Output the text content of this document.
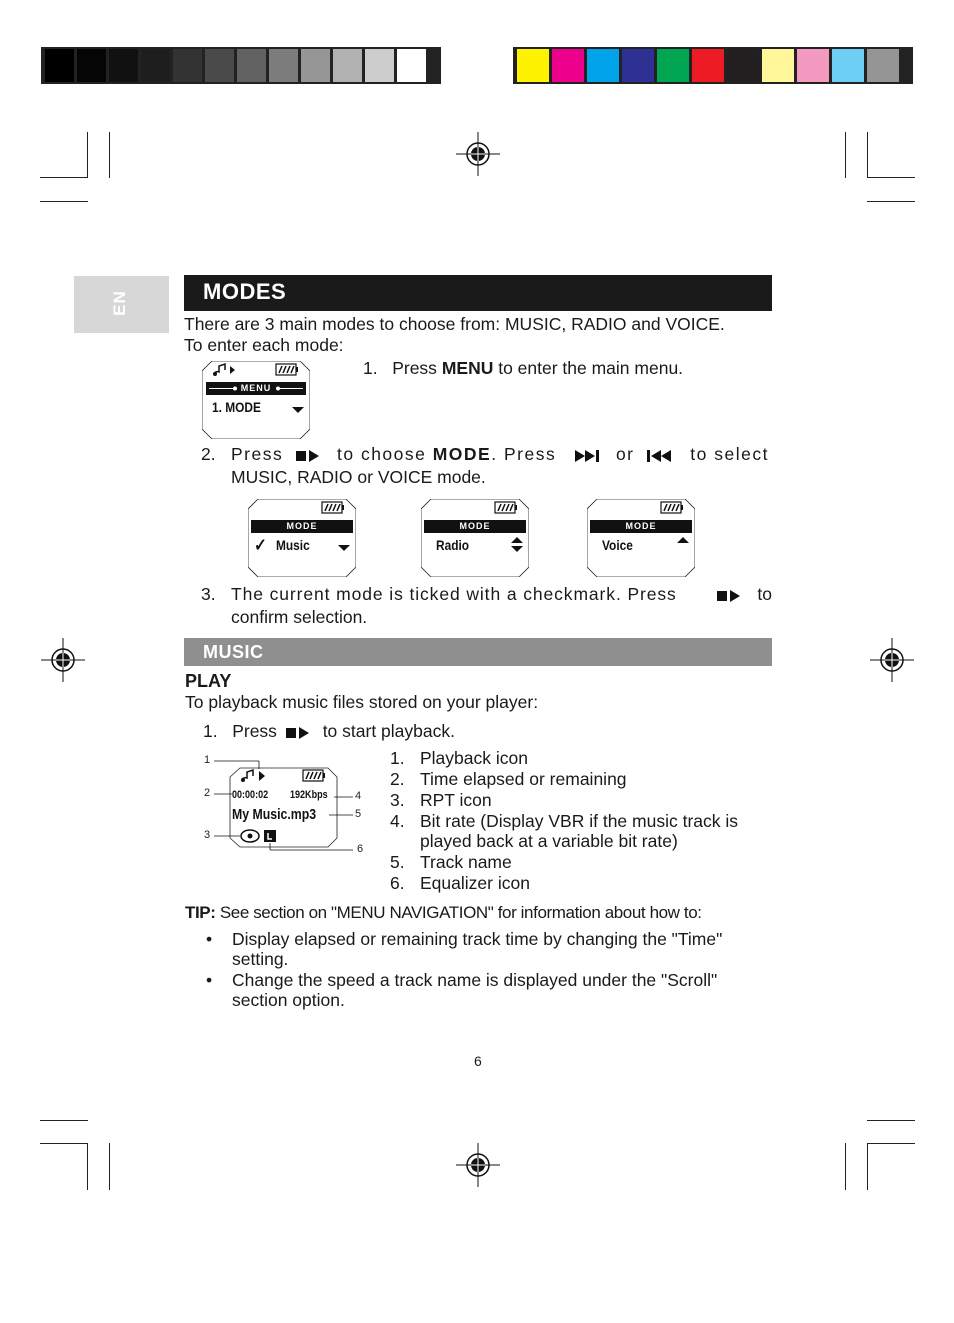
EN	MODES
There are 3 main modes to choose from: MUSIC, RADIO and VOICE.
To enter each mode:
MENU
1. MODE
1. Press MENU to enter the main menu.
2. Press	to choose MODE. Press	or	to select
MUSIC, RADIO or VOICE mode.
MODE
✓ Music
MODE
Radio
MODE
Voice
3. The current mode is ticked with a checkmark. Press	to
confirm selection.
MUSIC
PLAY
To playback music files stored on your player:
1. Press	to start playback.
1
2
3
4
5
6
00:00:02 192Kbps
My Music.mp3
1. Playback icon
2. Time elapsed or remaining
3. RPT icon
4. Bit rate (Display VBR if the music track is
played back at a variable bit rate)
5. Track name
6. Equalizer icon
TIP: See section on "MENU NAVIGATION" for information about how to:
• Display elapsed or remaining track time by changing the "Time"
setting.
• Change the speed a track name is displayed under the "Scroll"
section option.
6
